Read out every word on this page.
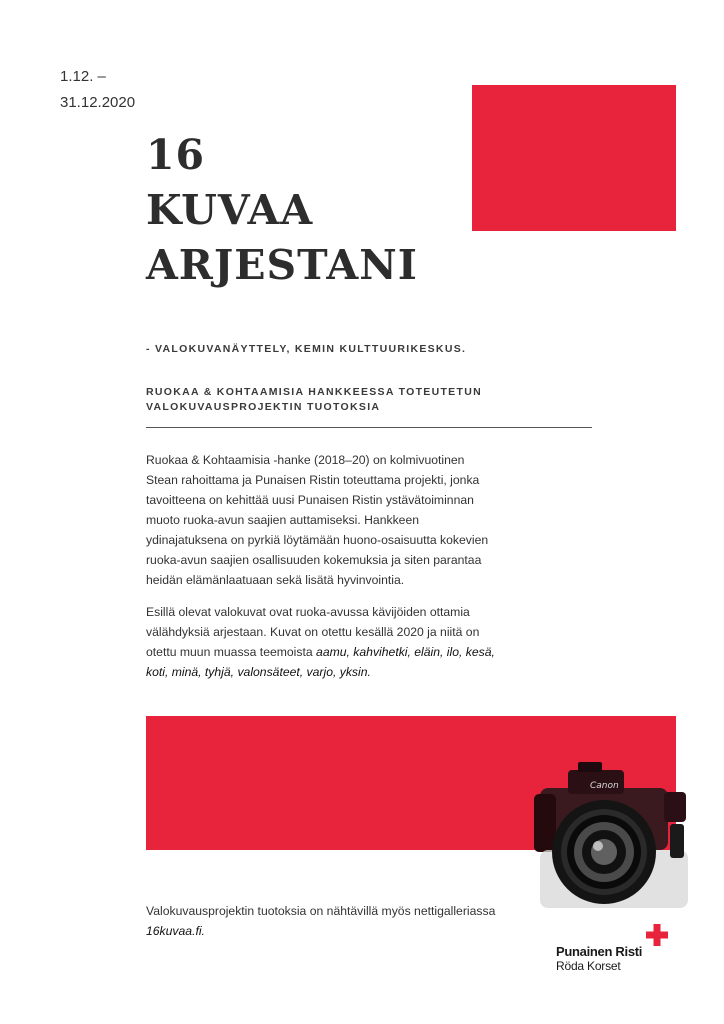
1.12. –
31.12.2020
16
KUVAA
ARJESTANI
- VALOKUVANÄYTTELY, KEMIN KULTTUURIKESKUS.
RUOKAA & KOHTAAMISIA HANKKEESSA TOTEUTETUN VALOKUVAUSPROJEKTIN TUOTOKSIA

Ruokaa & Kohtaamisia -hanke (2018–20) on kolmivuotinen Stean rahoittama ja Punaisen Ristin toteuttama projekti, jonka tavoitteena on kehittää uusi Punaisen Ristin ystävätoiminnan muoto ruoka-avun saajien auttamiseksi. Hankkeen ydinajatuksena on pyrkiä löytämään huono-osaisuutta kokevien ruoka-avun saajien osallisuuden kokemuksia ja siten parantaa heidän elämänlaatuaan sekä lisätä hyvinvointia.

Esillä olevat valokuvat ovat ruoka-avussa kävijöiden ottamia välähdyksiä arjestaan. Kuvat on otettu kesällä 2020 ja niitä on otettu muun muassa teemoista aamu, kahvihetki, eläin, ilo, kesä, koti, minä, tyhjä, valonsäteet, varjo, yksin.

Canon

Valokuvausprojektin tuotoksia on nähtävillä myös nettigalleriassa
16kuvaa.fi.

Punainen Risti
Röda Korset
